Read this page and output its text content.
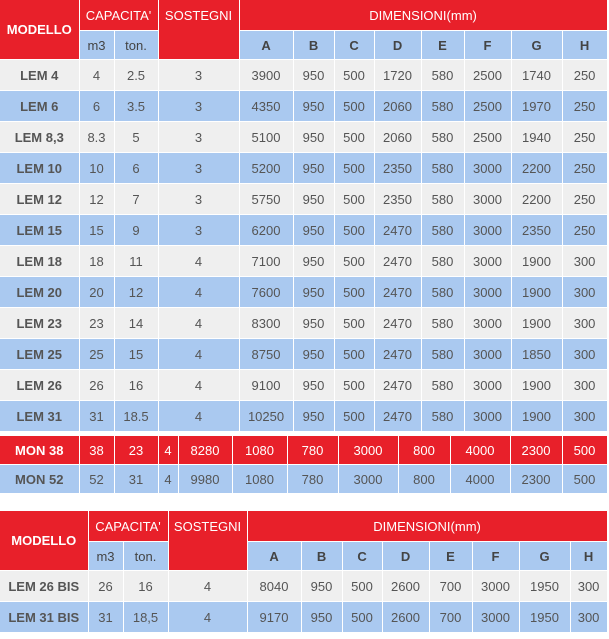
MODELLO	CAPACITA'		SOSTEGNI	DIMENSIONI(mm)							
	m3	ton.		A	B	C	D	E	F	G	H
LEM 4	4	2.5	3	3900	950	500	1720	580	2500	1740	250
LEM 6	6	3.5	3	4350	950	500	2060	580	2500	1970	250
LEM 8,3	8.3	5	3	5100	950	500	2060	580	2500	1940	250
LEM 10	10	6	3	5200	950	500	2350	580	3000	2200	250
LEM 12	12	7	3	5750	950	500	2350	580	3000	2200	250
LEM 15	15	9	3	6200	950	500	2470	580	3000	2350	250
LEM 18	18	11	4	7100	950	500	2470	580	3000	1900	300
LEM 20	20	12	4	7600	950	500	2470	580	3000	1900	300
LEM 23	23	14	4	8300	950	500	2470	580	3000	1900	300
LEM 25	25	15	4	8750	950	500	2470	580	3000	1850	300
LEM 26	26	16	4	9100	950	500	2470	580	3000	1900	300
LEM 31	31	18.5	4	10250	950	500	2470	580	3000	1900	300
MON 38	38	23	4	8280	1080	780	3000	800	4000	2300	500
MON 52	52	31	4	9980	1080	780	3000	800	4000	2300	500
MODELLO	CAPACITA'		SOSTEGNI	DIMENSIONI(mm)							
	m3	ton.		A	B	C	D	E	F	G	H
LEM 26 BIS	26	16	4	8040	950	500	2600	700	3000	1950	300
LEM 31 BIS	31	18,5	4	9170	950	500	2600	700	3000	1950	300
